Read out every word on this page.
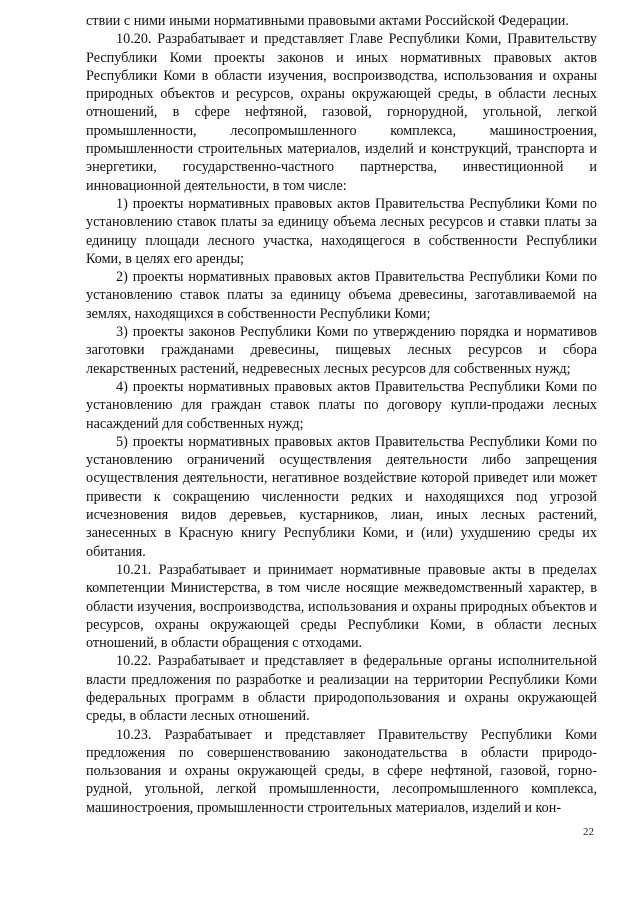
ствии с ними иными нормативными правовыми актами Российской Федерации.

10.20. Разрабатывает и представляет Главе Республики Коми, Правительству Республики Коми проекты законов и иных нормативных правовых актов Республики Коми в области изучения, воспроизводства, использования и охраны природных объектов и ресурсов, охраны окружающей среды, в области лесных отношений, в сфере нефтяной, газовой, горнорудной, угольной, легкой промышленности, лесопромышленного комплекса, машиностроения, промышленности строительных материалов, изделий и конструкций, транспорта и энергетики, государственно-частного партнерства, инвестиционной и инновационной деятельности, в том числе:

1) проекты нормативных правовых актов Правительства Республики Коми по установлению ставок платы за единицу объема лесных ресурсов и ставки платы за единицу площади лесного участка, находящегося в собственности Республики Коми, в целях его аренды;

2) проекты нормативных правовых актов Правительства Республики Коми по установлению ставок платы за единицу объема древесины, заготавливаемой на землях, находящихся в собственности Республики Коми;

3) проекты законов Республики Коми по утверждению порядка и нормативов заготовки гражданами древесины, пищевых лесных ресурсов и сбора лекарственных растений, недревесных лесных ресурсов для собственных нужд;

4) проекты нормативных правовых актов Правительства Республики Коми по установлению для граждан ставок платы по договору купли-продажи лесных насаждений для собственных нужд;

5) проекты нормативных правовых актов Правительства Республики Коми по установлению ограничений осуществления деятельности либо запрещения осуществления деятельности, негативное воздействие которой приведет или может привести к сокращению численности редких и находящихся под угрозой исчезновения видов деревьев, кустарников, лиан, иных лесных растений, занесенных в Красную книгу Республики Коми, и (или) ухудшению среды их обитания.

10.21. Разрабатывает и принимает нормативные правовые акты в пределах компетенции Министерства, в том числе носящие межведомственный характер, в области изучения, воспроизводства, использования и охраны природных объектов и ресурсов, охраны окружающей среды Республики Коми, в области лесных отношений, в области обращения с отходами.

10.22. Разрабатывает и представляет в федеральные органы исполнительной власти предложения по разработке и реализации на территории Республики Коми федеральных программ в области природопользования и охраны окружающей среды, в области лесных отношений.

10.23. Разрабатывает и представляет Правительству Республики Коми предложения по совершенствованию законодательства в области природопользования и охраны окружающей среды, в сфере нефтяной, газовой, горнорудной, угольной, легкой промышленности, лесопромышленного комплекса, машиностроения, промышленности строительных материалов, изделий и кон-

22
